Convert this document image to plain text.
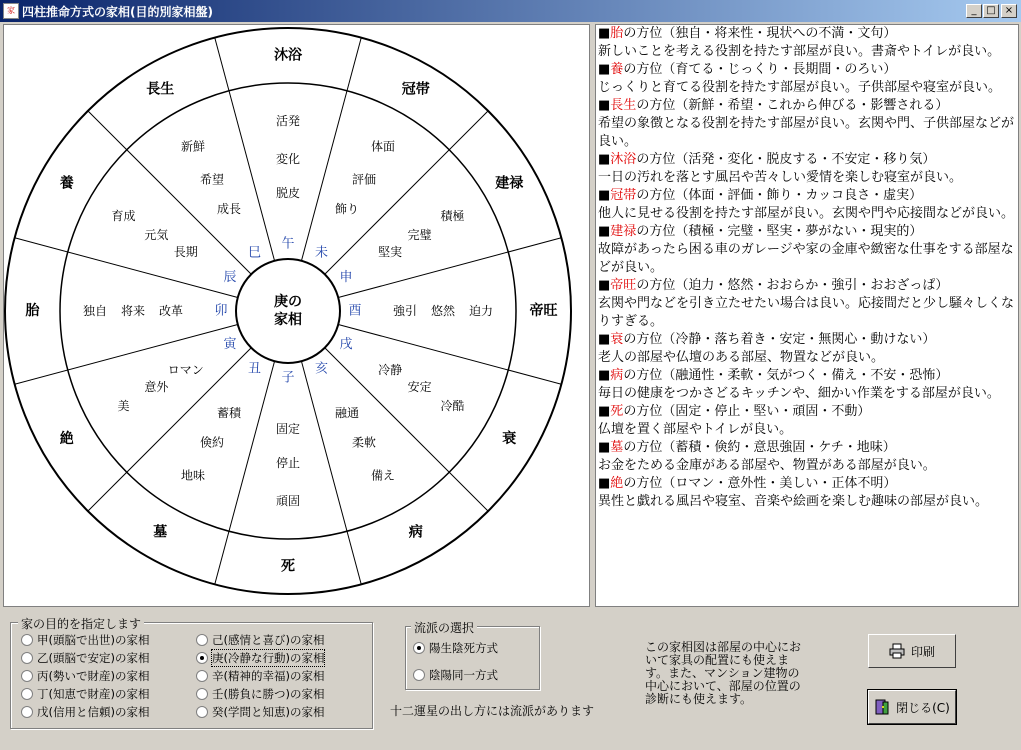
家 四柱推命方式の家相(目的別家相盤)	_ □ ×
庚の
家相
沐浴
午
活発
変化
脱皮
冠帯
未
体面
評価
飾り
建禄
申
積極
完璧
堅実
帝旺
酉	強引 悠然 迫力
衰
戌
冷酷
安定
冷静
病
亥
備え
柔軟
融通
死
子
頑固
停止
固定
墓
丑
地味
倹約
蓄積
絶
寅
美
意外
ロマン
胎	卯
独自 将来 改革
養
辰
育成
元気
長期
長生
巳
新鮮
希望
成長
■胎の方位（独自・将来性・現状への不満・文句）
新しいことを考える役割を持たす部屋が良い。書斎やトイレが良い。
■養の方位（育てる・じっくり・長期間・のろい）
じっくりと育てる役割を持たす部屋が良い。子供部屋や寝室が良い。
■長生の方位（新鮮・希望・これから伸びる・影響される）
希望の象徴となる役割を持たす部屋が良い。玄関や門、子供部屋などが良い。
■沐浴の方位（活発・変化・脱皮する・不安定・移り気）
一日の汚れを落とす風呂や苦々しい愛情を楽しむ寝室が良い。
■冠帯の方位（体面・評価・飾り・カッコ良さ・虚実）
他人に見せる役割を持たす部屋が良い。玄関や門や応接間などが良い。
■建禄の方位（積極・完璧・堅実・夢がない・現実的）
故障があったら困る車のガレージや家の金庫や緻密な仕事をする部屋などが良い。
■帝旺の方位（迫力・悠然・おおらか・強引・おおざっぱ）
玄関や門などを引き立たせたい場合は良い。応接間だと少し騒々しくなりすぎる。
■衰の方位（冷静・落ち着き・安定・無関心・動けない）
老人の部屋や仏壇のある部屋、物置などが良い。
■病の方位（融通性・柔軟・気がつく・備え・不安・恐怖）
毎日の健康をつかさどるキッチンや、細かい作業をする部屋が良い。
■死の方位（固定・停止・堅い・頑固・不動）
仏壇を置く部屋やトイレが良い。
■墓の方位（蓄積・倹約・意思強固・ケチ・地味）
お金をためる金庫がある部屋や、物置がある部屋が良い。
■絶の方位（ロマン・意外性・美しい・正体不明）
異性と戯れる風呂や寝室、音楽や絵画を楽しむ趣味の部屋が良い。
家の目的を指定します
甲(頭脳で出世)の家相
乙(頭脳で安定)の家相
丙(勢いで財産)の家相
丁(知恵で財産)の家相
戊(信用と信頼)の家相
己(感情と喜び)の家相
庚(冷静な行動)の家相
辛(精神的幸福)の家相
壬(勝負に勝つ)の家相
癸(学問と知恵)の家相
流派の選択
陽生陰死方式
陰陽同一方式
十二運星の出し方には流派があります
この家相図は部屋の中心にお
いて家具の配置にも使えま
す。また、マンション建物の
中心において、部屋の位置の
診断にも使えます。
印刷
閉じる(C)
